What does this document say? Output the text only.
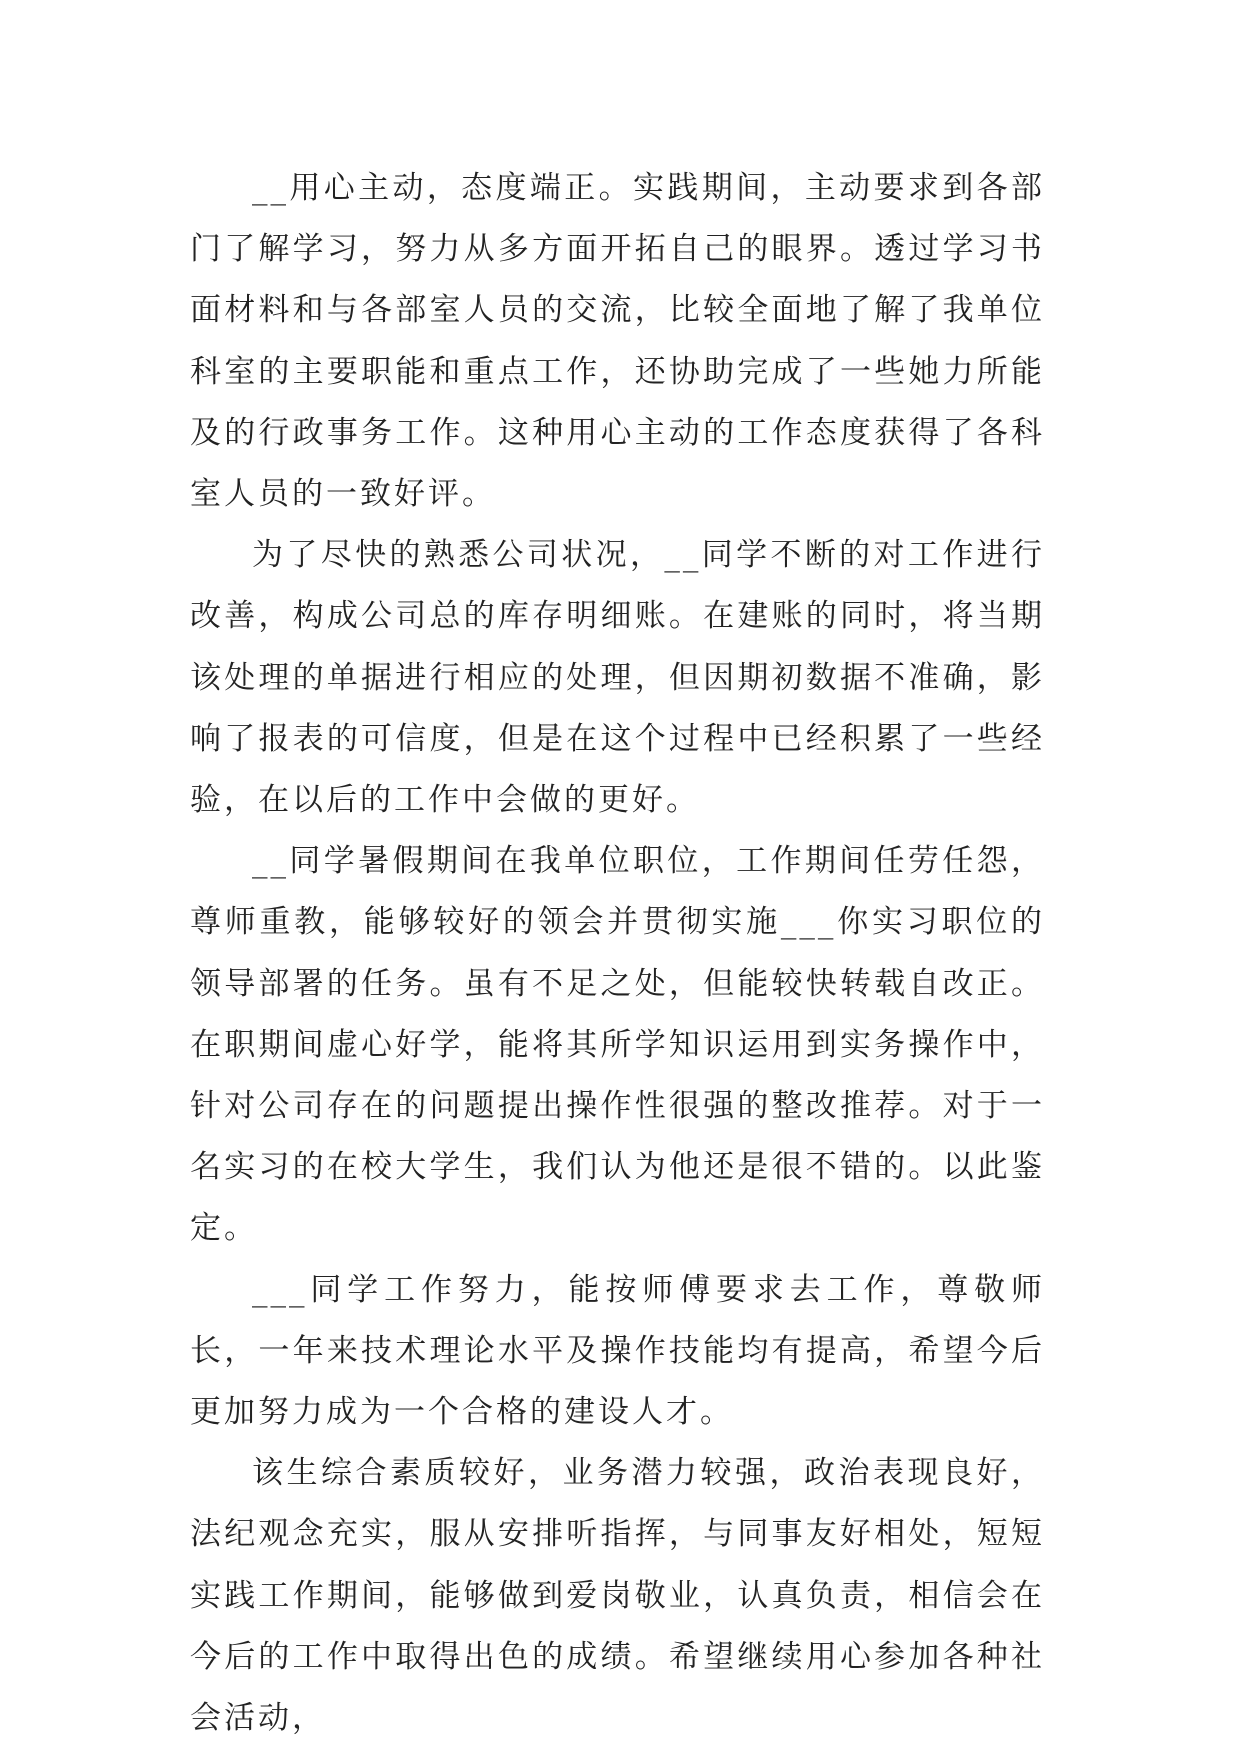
__用心主动，态度端正。实践期间，主动要求到各部门了解学习，努力从多方面开拓自己的眼界。透过学习书面材料和与各部室人员的交流，比较全面地了解了我单位科室的主要职能和重点工作，还协助完成了一些她力所能及的行政事务工作。这种用心主动的工作态度获得了各科室人员的一致好评。

为了尽快的熟悉公司状况，__同学不断的对工作进行改善，构成公司总的库存明细账。在建账的同时，将当期该处理的单据进行相应的处理，但因期初数据不准确，影响了报表的可信度，但是在这个过程中已经积累了一些经验，在以后的工作中会做的更好。

__同学暑假期间在我单位职位，工作期间任劳任怨，尊师重教，能够较好的领会并贯彻实施___你实习职位的领导部署的任务。虽有不足之处，但能较快转载自改正。在职期间虚心好学，能将其所学知识运用到实务操作中，针对公司存在的问题提出操作性很强的整改推荐。对于一名实习的在校大学生，我们认为他还是很不错的。以此鉴定。

___同学工作努力，能按师傅要求去工作，尊敬师长，一年来技术理论水平及操作技能均有提高，希望今后更加努力成为一个合格的建设人才。

该生综合素质较好，业务潜力较强，政治表现良好，法纪观念充实，服从安排听指挥，与同事友好相处，短短实践工作期间，能够做到爱岗敬业，认真负责，相信会在今后的工作中取得出色的成绩。希望继续用心参加各种社会活动，
